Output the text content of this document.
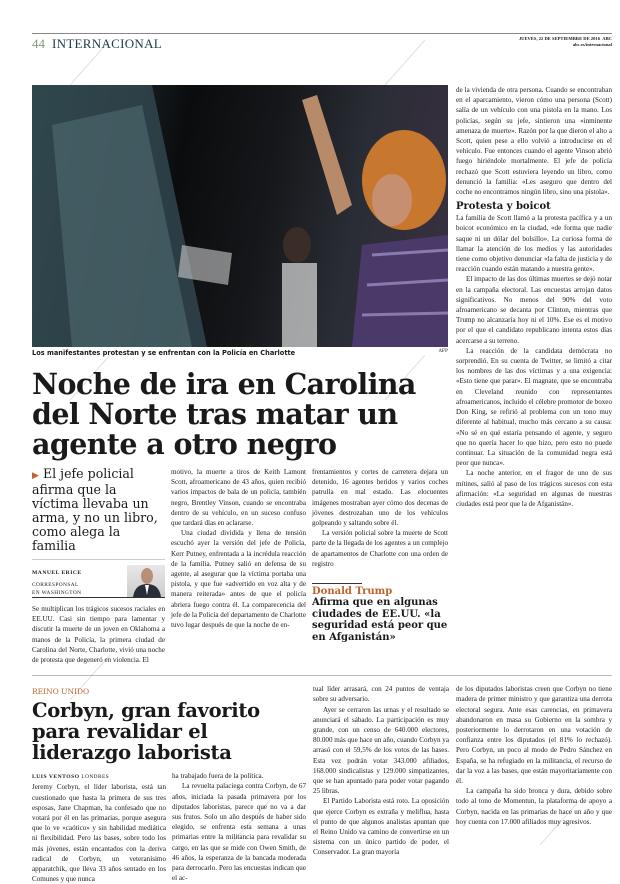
44 INTERNACIONAL	JUEVES, 22 DE SEPTIEMBRE DE 2016 ABC
abc.es/internacional
Los manifestantes protestan y se enfrentan con la Policía en Charlotte	AFP
Noche de ira en Carolina del Norte tras matar un agente a otro negro
▶ El jefe policial afirma que la víctima llevaba un arma, y no un libro, como alega la familia
MANUEL ERICE
CORRESPONSAL
EN WASHINGTON

Se multiplican los trágicos sucesos raciales en EE.UU. Casi sin tiempo para lamentar y discutir la muerte de un joven en Oklahoma a manos de la Policía, la primera ciudad de Carolina del Norte, Charlotte, vivió una noche de protesta que degeneró en violencia. El

motivo, la muerte a tiros de Keith Lamont Scott, afroamericano de 43 años, quien recibió varios impactos de bala de un policía, también negro, Brentley Vinson, cuando se encontraba dentro de su vehículo, en un suceso confuso que tardará días en aclararse.

Una ciudad dividida y llena de tensión escuchó ayer la versión del jefe de Policía, Kerr Putney, enfrentada a la incrédula reacción de la familia. Putney salió en defensa de su agente, al asegurar que la víctima portaba una pistola, y que fue «advertido en voz alta y de manera reiterada» antes de que el policía abriera fuego contra él. La comparecencia del jefe de la Policía del departamento de Charlotte tuvo lugar después de que la noche de en-

frentamientos y cortes de carretera dejara un detenido, 16 agentes heridos y varios coches patrulla en mal estado. Las elocuentes imágenes mostraban ayer cómo dos decenas de jóvenes destrozaban uno de los vehículos golpeando y saltando sobre él.

La versión policial sobre la muerte de Scott parte de la llegada de los agentes a un complejo de apartamentos de Charlotte con una orden de registro

Donald Trump
Afirma que en algunas ciudades de EE.UU. «la seguridad está peor que en Afganistán»

de la vivienda de otra persona. Cuando se encontraban en el aparcamiento, vieron cómo una persona (Scott) salía de un vehículo con una pistola en la mano. Los policías, según su jefe, sintieron una «inminente amenaza de muerte». Razón por la que dieron el alto a Scott, quien pese a ello volvió a introducirse en el vehículo. Fue entonces cuando el agente Vinson abrió fuego hiriéndole mortalmente. El jefe de policía rechazó que Scott estuviera leyendo un libro, como denunció la familia: «Les aseguro que dentro del coche no encontramos ningún libro, sino una pistola».

Protesta y boicot

La familia de Scott llamó a la protesta pacífica y a un boicot económico en la ciudad, «de forma que nadie saque ni un dólar del bolsillo». La curiosa forma de llamar la atención de los medios y las autoridades tiene como objetivo denunciar «la falta de justicia y de reacción cuando están matando a nuestra gente».

El impacto de las dos últimas muertes se dejó notar en la campaña electoral. Las encuestas arrojan datos significativos. No menos del 90% del voto afroamericano se decanta por Clinton, mientras que Trump no alcanzaría hoy ni el 10%. Ese es el motivo por el que el candidato republicano intenta estos días acercarse a su terreno.

La reacción de la candidata demócrata no sorprendió. En su cuenta de Twitter, se limitó a citar los nombres de las dos víctimas y a una exigencia: «Esto tiene que parar». El magnate, que se encontraba en Cleveland reunido con representantes afroamericanos, incluido el célebre promotor de boxeo Don King, se refirió al problema con un tono muy diferente al habitual, mucho más cercano a su causa: «No sé en qué estaría pensando el agente, y seguro que no quería hacer lo que hizo, pero esto no puede continuar. La situación de la comunidad negra está peor que nunca».

La noche anterior, en el fragor de uno de sus mítines, salió al paso de los trágicos sucesos con esta afirmación: «La seguridad en algunas de nuestras ciudades está peor que la de Afganistán».

REINO UNIDO
Corbyn, gran favorito para revalidar el liderazgo laborista
LUIS VENTOSO LONDRES

Jeremy Corbyn, el líder laborista, está tan cuestionado que hasta la primera de sus tres esposas, Jane Chapman, ha confesado que no votará por él en las primarias, porque asegura que lo ve «caótico» y sin habilidad mediática ni flexibilidad. Pero las bases, sobre todo los más jóvenes, están encantados con la deriva radical de Corbyn, un veteranísimo apparatchik, que lleva 33 años sentado en los Comunes y que nunca

ha trabajado fuera de la política.

La revuelta palaciega contra Corbyn, de 67 años, iniciada la pasada primavera por los diputados laboristas, parece que no va a dar sus frutos. Solo un año después de haber sido elegido, se enfrenta esta semana a unas primarias entre la militancia para revalidar su cargo, en las que se mide con Owen Smith, de 46 años, la esperanza de la bancada moderada para derrocarlo. Pero las encuestas indican que el ac-

tual líder arrasará, con 24 puntos de ventaja sobre su adversario.

Ayer se cerraron las urnas y el resultado se anunciará el sábado. La participación es muy grande, con un censo de 640.000 electores, 80.000 más que hace un año, cuando Corbyn ya arrasó con el 59,5% de los votos de las bases. Esta vez podrán votar 343.000 afiliados, 168.000 sindicalistas y 129.000 simpatizantes, que se han apuntado para poder votar pagando 25 libras.

El Partido Laborista está roto. La oposición que ejerce Corbyn es extraña y meliflua, hasta el punto de que algunos analistas apuntan que el Reino Unido va camino de convertirse en un sistema con un único partido de poder, el Conservador. La gran mayoría

de los diputados laboristas creen que Corbyn no tiene madera de primer ministro y que garantiza una derrota electoral segura. Ante esas carencias, en primavera abandonaron en masa su Gobierno en la sombra y posteriormente lo derrotaron en una votación de confianza entre los diputados (el 81% lo rechazó). Pero Corbyn, un poco al modo de Pedro Sánchez en España, se ha refugiado en la militancia, el recurso de dar la voz a las bases, que están mayoritariamente con él.

La campaña ha sido bronca y dura, debido sobre todo al tono de Momentun, la plataforma de apoyo a Corbyn, nacida en las primarias de hace un año y que hoy cuenta con 17.000 afiliados muy agresivos.
